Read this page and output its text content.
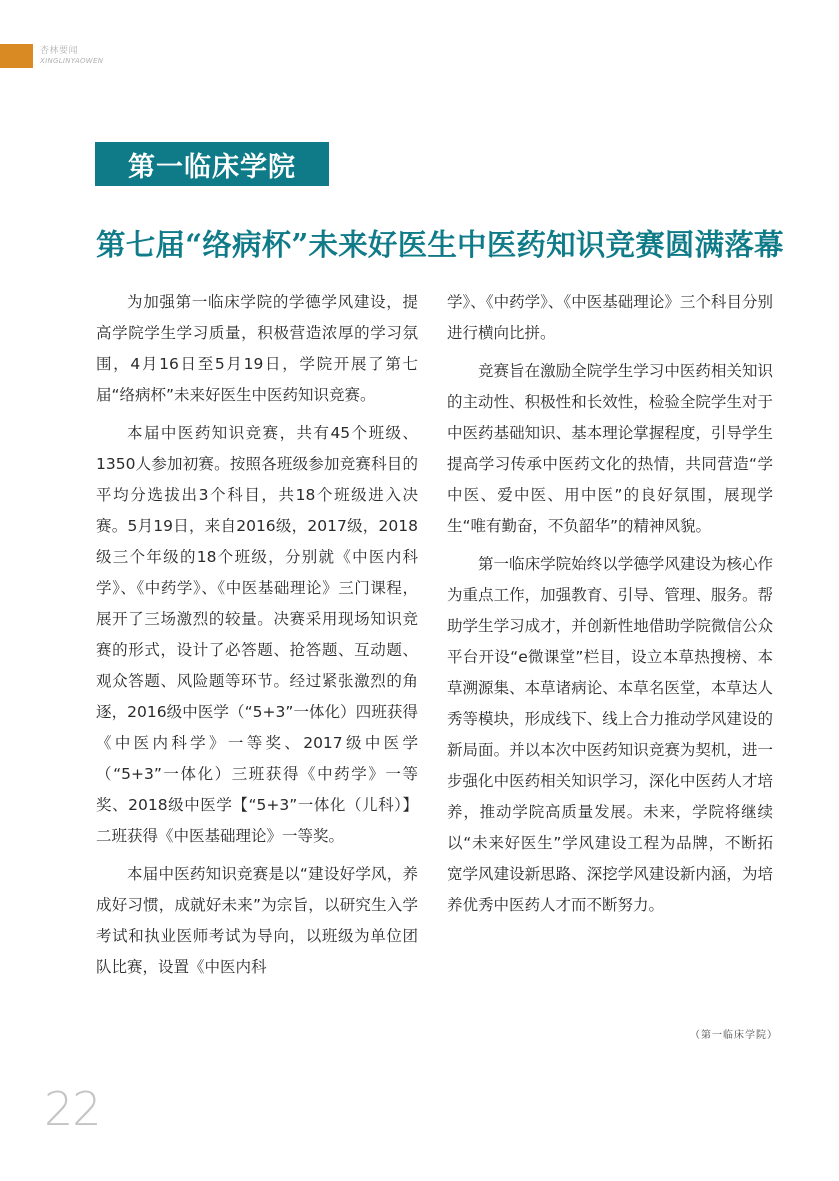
杏林要闻
XINGLINYAOWEN
第一临床学院
第七届“络病杯”未来好医生中医药知识竞赛圆满落幕

为加强第一临床学院的学德学风建设，提高学院学生学习质量，积极营造浓厚的学习氛围，4月16日至5月19日，学院开展了第七届“络病杯”未来好医生中医药知识竞赛。

本届中医药知识竞赛，共有45个班级、1350人参加初赛。按照各班级参加竞赛科目的平均分选拔出3个科目，共18个班级进入决赛。5月19日，来自2016级，2017级，2018级三个年级的18个班级，分别就《中医内科学》、《中药学》、《中医基础理论》三门课程，展开了三场激烈的较量。决赛采用现场知识竞赛的形式，设计了必答题、抢答题、互动题、观众答题、风险题等环节。经过紧张激烈的角逐，2016级中医学（“5+3”一体化）四班获得《中医内科学》一等奖、2017级中医学（“5+3”一体化）三班获得《中药学》一等奖、2018级中医学【“5+3”一体化（儿科）】二班获得《中医基础理论》一等奖。

本届中医药知识竞赛是以“建设好学风，养成好习惯，成就好未来”为宗旨，以研究生入学考试和执业医师考试为导向，以班级为单位团队比赛，设置《中医内科

学》、《中药学》、《中医基础理论》三个科目分别进行横向比拼。

竞赛旨在激励全院学生学习中医药相关知识的主动性、积极性和长效性，检验全院学生对于中医药基础知识、基本理论掌握程度，引导学生提高学习传承中医药文化的热情，共同营造“学中医、爱中医、用中医”的良好氛围，展现学生“唯有勤奋，不负韶华”的精神风貌。

第一临床学院始终以学德学风建设为核心作为重点工作，加强教育、引导、管理、服务。帮助学生学习成才，并创新性地借助学院微信公众平台开设“e微课堂”栏目，设立本草热搜榜、本草溯源集、本草诸病论、本草名医堂，本草达人秀等模块，形成线下、线上合力推动学风建设的新局面。并以本次中医药知识竞赛为契机，进一步强化中医药相关知识学习，深化中医药人才培养，推动学院高质量发展。未来，学院将继续以“未来好医生”学风建设工程为品牌，不断拓宽学风建设新思路、深挖学风建设新内涵，为培养优秀中医药人才而不断努力。

（第一临床学院）
22
